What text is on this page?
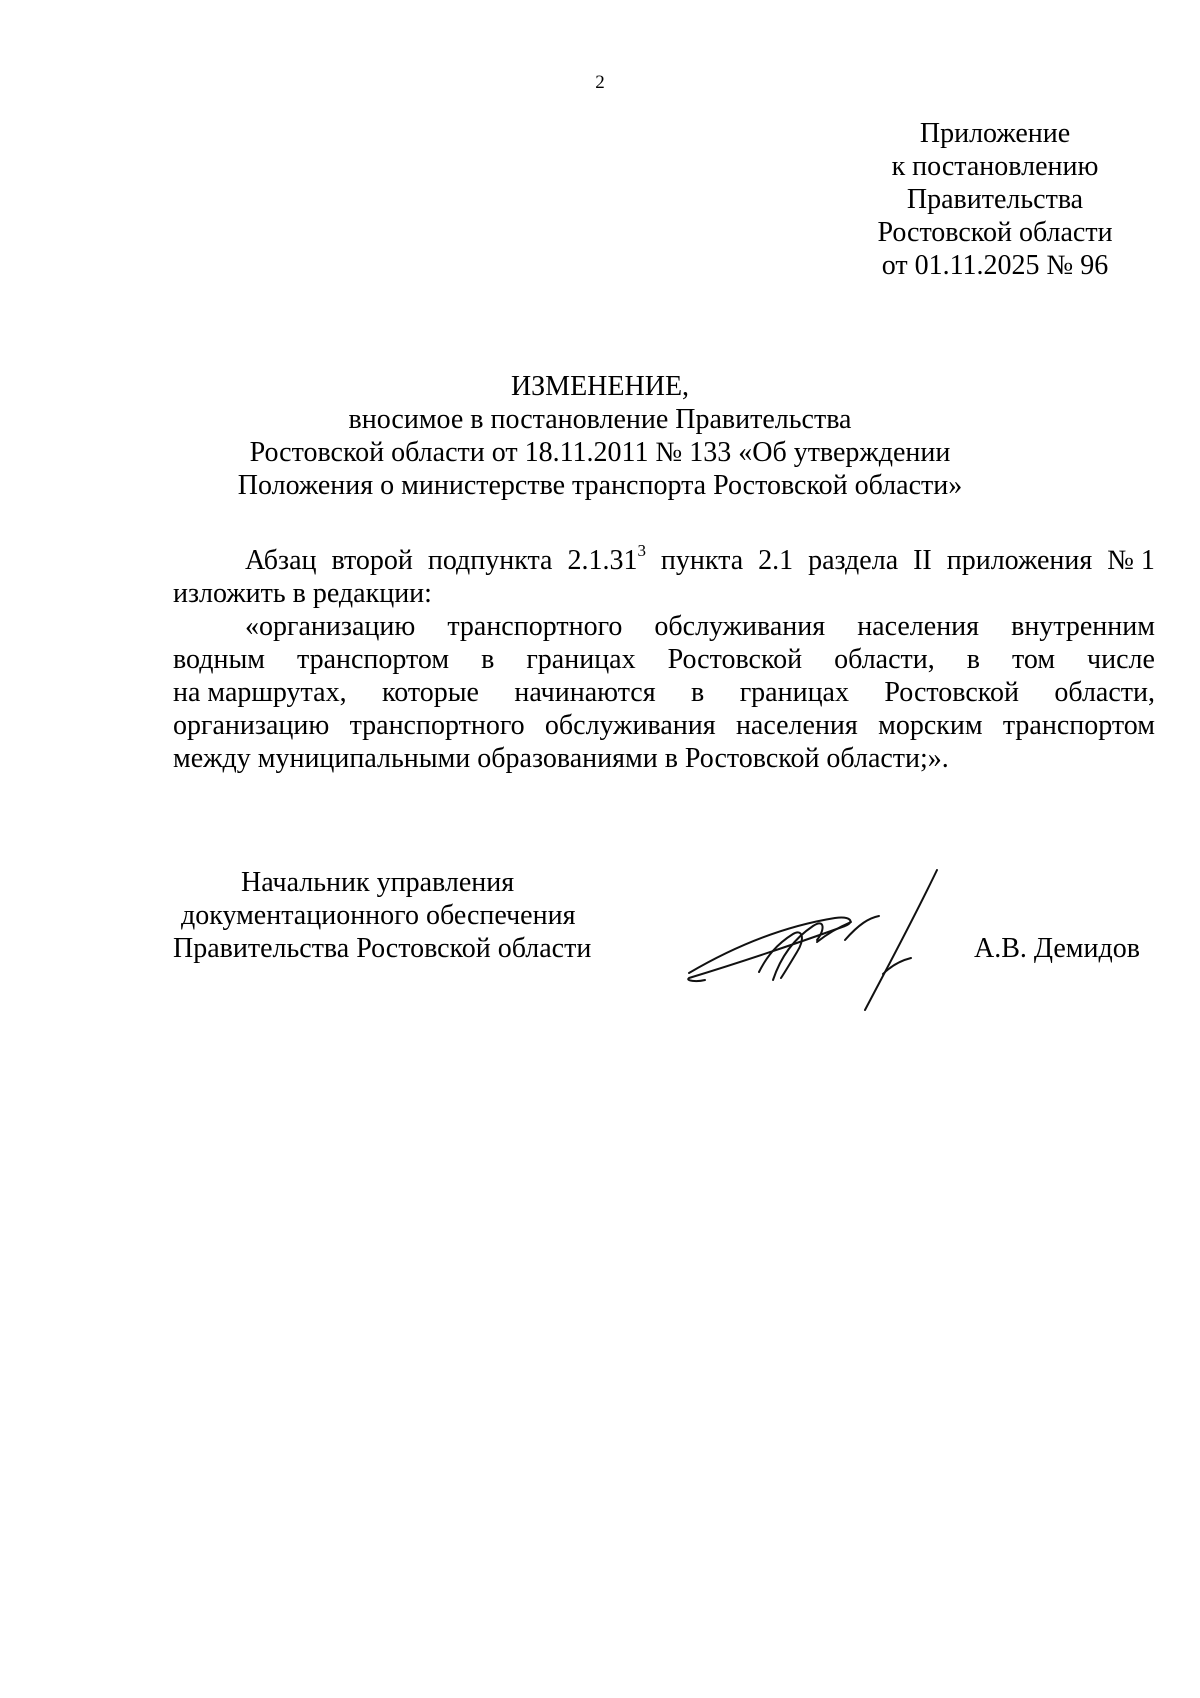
2
Приложение
к постановлению
Правительства
Ростовской области
от 01.11.2025 № 96
ИЗМЕНЕНИЕ,
вносимое в постановление Правительства
Ростовской области от 18.11.2011 № 133 «Об утверждении
Положения о министерстве транспорта Ростовской области»
Абзац второй подпункта 2.1.31$^3$ пункта 2.1 раздела II приложения № 1
изложить в редакции:
«организацию транспортного обслуживания населения внутренним
водным транспортом в границах Ростовской области, в том числе
на маршрутах, которые начинаются в границах Ростовской области,
организацию транспортного обслуживания населения морским транспортом
между муниципальными образованиями в Ростовской области;».
Начальник управления
документационного обеспечения
Правительства Ростовской области	А.В. Демидов
